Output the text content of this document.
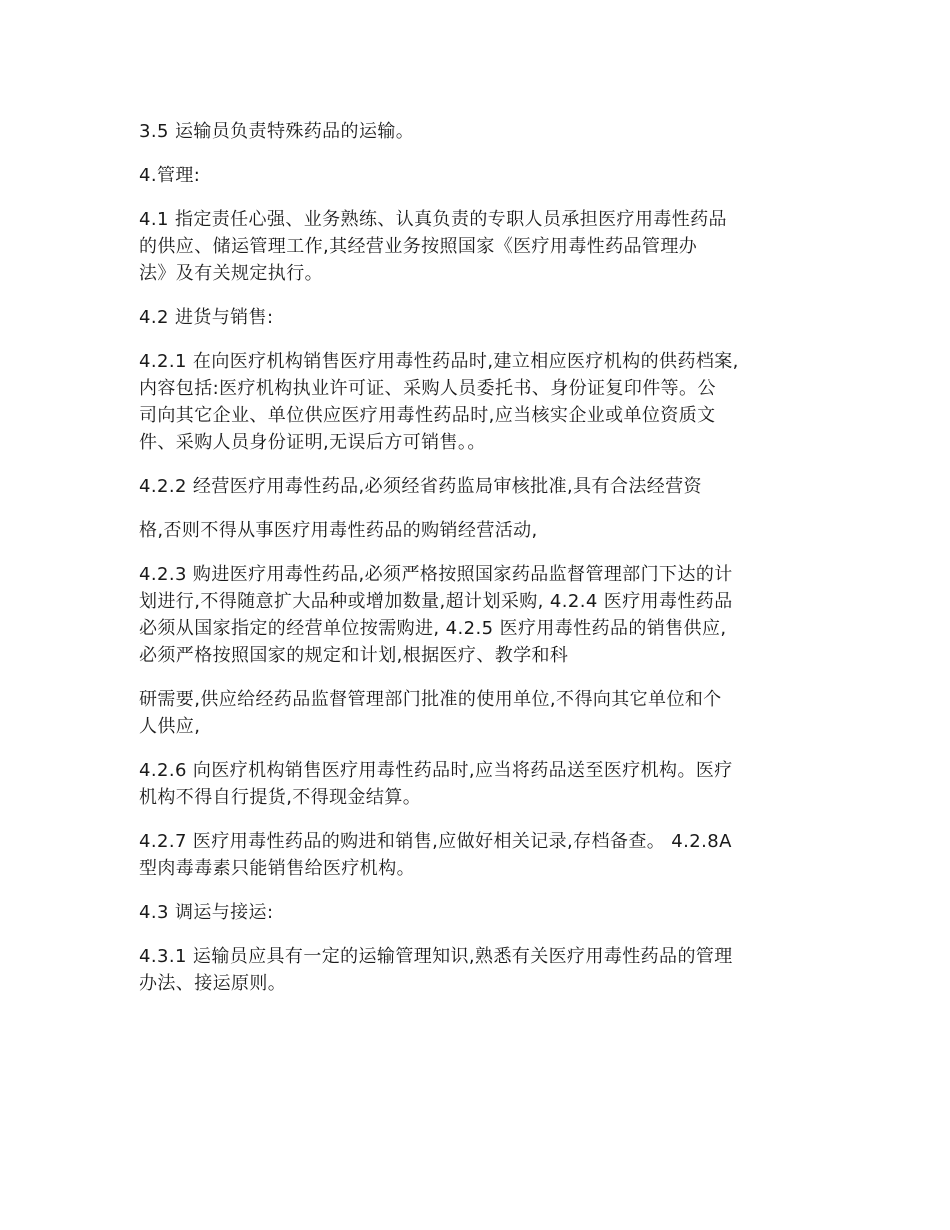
3.5 运输员负责特殊药品的运输。
4.管理:
4.1 指定责任心强、业务熟练、认真负责的专职人员承担医疗用毒性药品
的供应、储运管理工作,其经营业务按照国家《医疗用毒性药品管理办
法》及有关规定执行。
4.2 进货与销售:
4.2.1 在向医疗机构销售医疗用毒性药品时,建立相应医疗机构的供药档案,
内容包括:医疗机构执业许可证、采购人员委托书、身份证复印件等。公
司向其它企业、单位供应医疗用毒性药品时,应当核实企业或单位资质文
件、采购人员身份证明,无误后方可销售。。
4.2.2 经营医疗用毒性药品,必须经省药监局审核批准,具有合法经营资
格,否则不得从事医疗用毒性药品的购销经营活动,
4.2.3 购进医疗用毒性药品,必须严格按照国家药品监督管理部门下达的计
划进行,不得随意扩大品种或增加数量,超计划采购, 4.2.4 医疗用毒性药品
必须从国家指定的经营单位按需购进, 4.2.5 医疗用毒性药品的销售供应,
必须严格按照国家的规定和计划,根据医疗、教学和科
研需要,供应给经药品监督管理部门批准的使用单位,不得向其它单位和个
人供应,
4.2.6 向医疗机构销售医疗用毒性药品时,应当将药品送至医疗机构。医疗
机构不得自行提货,不得现金结算。
4.2.7 医疗用毒性药品的购进和销售,应做好相关记录,存档备查。 4.2.8A
型肉毒毒素只能销售给医疗机构。
4.3 调运与接运:
4.3.1 运输员应具有一定的运输管理知识,熟悉有关医疗用毒性药品的管理
办法、接运原则。
